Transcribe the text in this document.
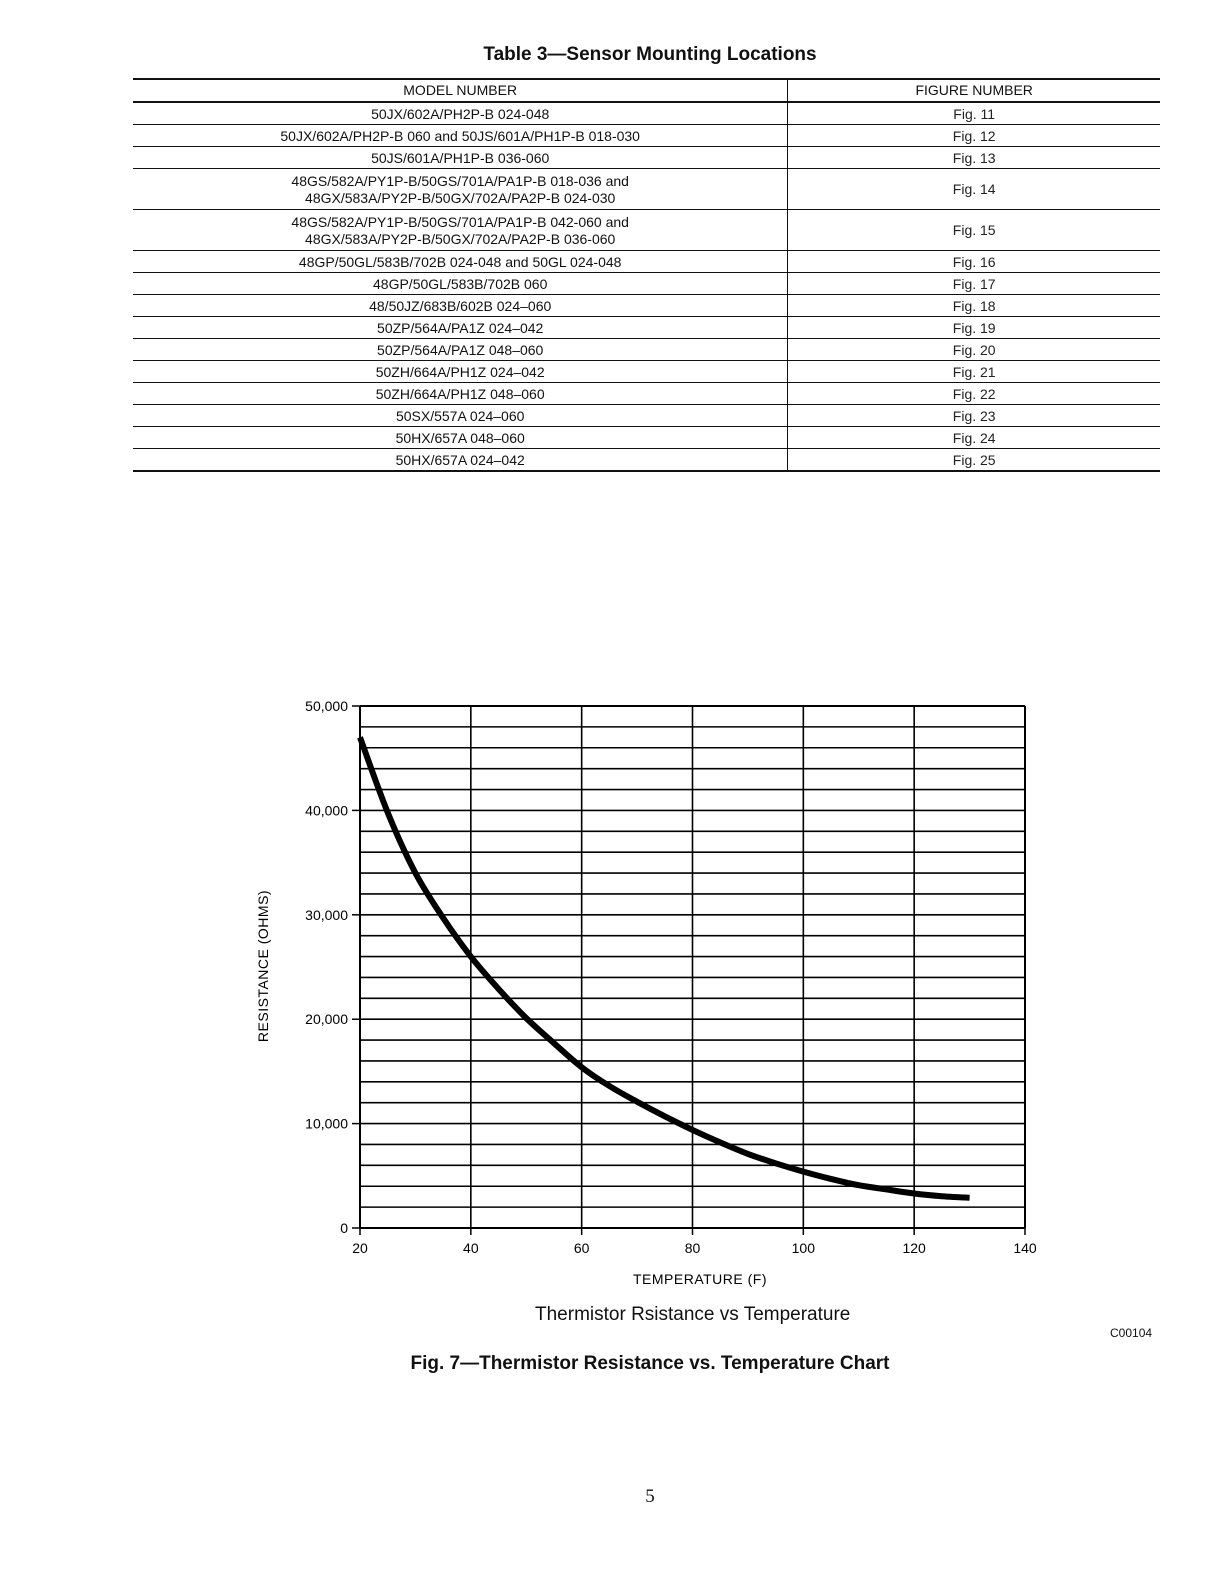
Table 3—Sensor Mounting Locations
MODEL NUMBER	FIGURE NUMBER
50JX/602A/PH2P-B 024-048	Fig. 11
50JX/602A/PH2P-B 060 and 50JS/601A/PH1P-B 018-030	Fig. 12
50JS/601A/PH1P-B 036-060	Fig. 13
48GS/582A/PY1P-B/50GS/701A/PA1P-B 018-036 and
48GX/583A/PY2P-B/50GX/702A/PA2P-B 024-030	Fig. 14
48GS/582A/PY1P-B/50GS/701A/PA1P-B 042-060 and
48GX/583A/PY2P-B/50GX/702A/PA2P-B 036-060	Fig. 15
48GP/50GL/583B/702B 024-048 and 50GL 024-048	Fig. 16
48GP/50GL/583B/702B 060	Fig. 17
48/50JZ/683B/602B 024–060	Fig. 18
50ZP/564A/PA1Z 024–042	Fig. 19
50ZP/564A/PA1Z 048–060	Fig. 20
50ZH/664A/PH1Z 024–042	Fig. 21
50ZH/664A/PH1Z 048–060	Fig. 22
50SX/557A 024–060	Fig. 23
50HX/657A 048–060	Fig. 24
50HX/657A 024–042	Fig. 25
0
10,000
20,000
30,000
40,000
50,000
20	40	60	80	100	120	140
TEMPERATURE (F)
RESISTANCE (OHMS)
Thermistor Rsistance vs Temperature
C00104
Fig. 7—Thermistor Resistance vs. Temperature Chart
5
